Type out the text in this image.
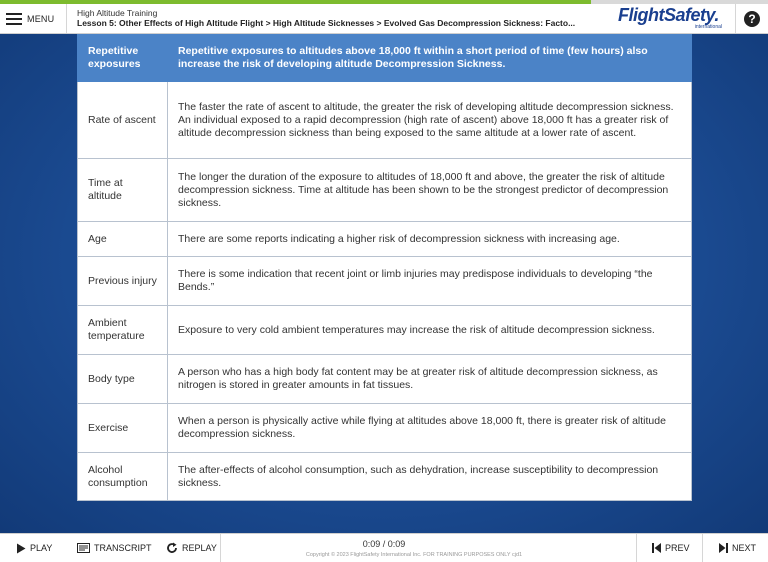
MENU
High Altitude Training
Lesson 5: Other Effects of High Altitude Flight > High Altitude Sicknesses > Evolved Gas Decompression Sickness: Facto...	FlightSafety.
international
?
Repetitive exposures	Repetitive exposures to altitudes above 18,000 ft within a short period of time (few hours) also increase the risk of developing altitude Decompression Sickness.
Rate of ascent	The faster the rate of ascent to altitude, the greater the risk of developing altitude decompression sickness. An individual exposed to a rapid decompression (high rate of ascent) above 18,000 ft has a greater risk of altitude decompression sickness than being exposed to the same altitude at a lower rate of ascent.
Time at altitude	The longer the duration of the exposure to altitudes of 18,000 ft and above, the greater the risk of altitude decompression sickness. Time at altitude has been shown to be the strongest predictor of decompression sickness.
Age	There are some reports indicating a higher risk of decompression sickness with increasing age.
Previous injury	There is some indication that recent joint or limb injuries may predispose individuals to developing “the Bends.”
Ambient temperature	Exposure to very cold ambient temperatures may increase the risk of altitude decompression sickness.
Body type	A person who has a high body fat content may be at greater risk of altitude decompression sickness, as nitrogen is stored in greater amounts in fat tissues.
Exercise	When a person is physically active while flying at altitudes above 18,000 ft, there is greater risk of altitude decompression sickness.
Alcohol consumption	The after-effects of alcohol consumption, such as dehydration, increase susceptibility to decompression sickness.
PLAY	TRANSCRIPT	REPLAY	0:09 / 0:09
Copyright © 2023 FlightSafety International Inc. FOR TRAINING PURPOSES ONLY cjd1
PREV	NEXT
